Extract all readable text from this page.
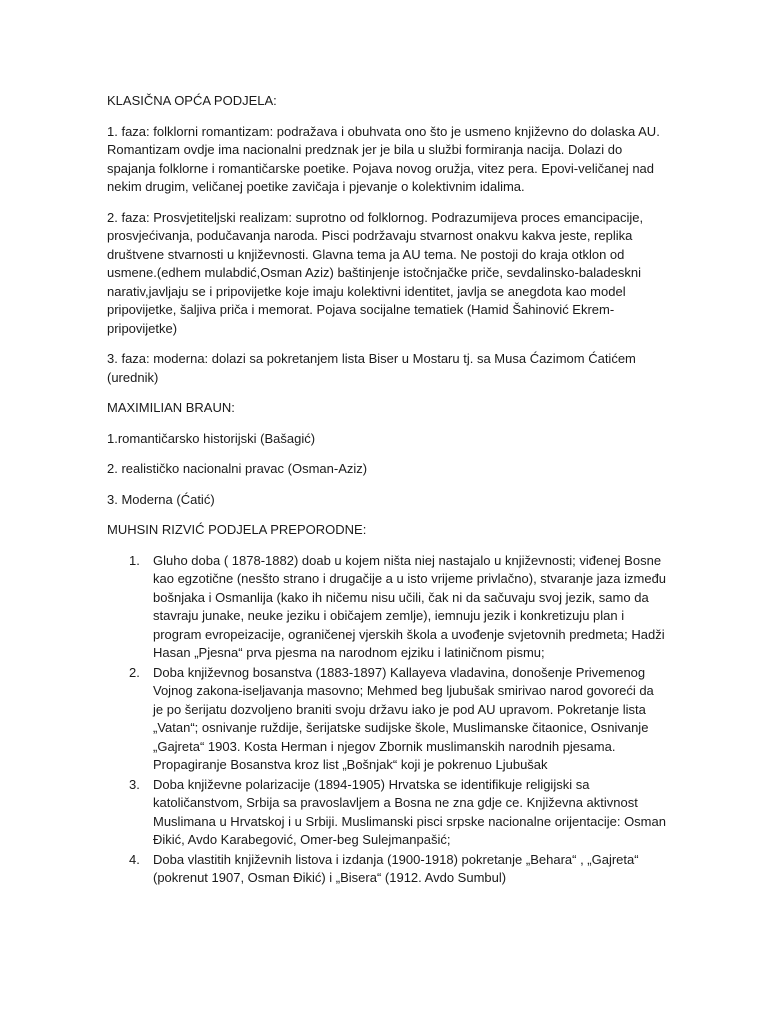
KLASIČNA OPĆA PODJELA:

1. faza: folklorni romantizam: podražava i obuhvata ono što je usmeno književno do dolaska AU. Romantizam ovdje ima nacionalni predznak jer je bila u službi formiranja nacija. Dolazi do spajanja folklorne i romantičarske poetike. Pojava novog oružja, vitez pera. Epovi-veličanej nad nekim drugim, veličanej poetike zavičaja i pjevanje o kolektivnim idalima.

2. faza: Prosvjetiteljski realizam: suprotno od folklornog. Podrazumijeva proces emancipacije, prosvjećivanja, podučavanja naroda. Pisci podržavaju stvarnost onakvu kakva jeste, replika društvene stvarnosti u književnosti. Glavna tema ja AU tema. Ne postoji do kraja otklon od usmene.(edhem mulabdić,Osman Aziz) baštinjenje istočnjačke priče, sevdalinsko-baladeskni narativ,javljaju se i pripovijetke koje imaju kolektivni identitet, javlja se anegdota kao model pripovijetke, šaljiva priča i memorat. Pojava socijalne tematiek (Hamid Šahinović Ekrem-pripovijetke)

3. faza: moderna: dolazi sa pokretanjem lista Biser u Mostaru tj. sa Musa Ćazimom Ćatićem (urednik)

MAXIMILIAN BRAUN:

1.romantičarsko historijski (Bašagić)

2. realističko nacionalni pravac (Osman-Aziz)

3. Moderna (Ćatić)

MUHSIN RIZVIĆ PODJELA PREPORODNE:

1. Gluho doba ( 1878-1882) doab u kojem ništa niej nastajalo u književnosti; viđenej Bosne kao egzotične (nesšto strano i drugačije a u isto vrijeme privlačno), stvaranje jaza između bošnjaka i Osmanlija (kako ih ničemu nisu učili, čak ni da sačuvaju svoj jezik, samo da stavraju junake, neuke jeziku i običajem zemlje), iemnuju jezik i konkretizuju plan i program evropeizacije, ograničenej vjerskih škola a uvođenje svjetovnih predmeta; Hadži Hasan „Pjesna“ prva pjesma na narodnom ejziku i latiničnom pismu;
2. Doba književnog bosanstva (1883-1897) Kallayeva vladavina, donošenje Privemenog Vojnog zakona-iseljavanja masovno; Mehmed beg ljubušak smirivao narod govoreći da je po šerijatu dozvoljeno braniti svoju državu iako je pod AU upravom. Pokretanje lista „Vatan“; osnivanje ruždije, šerijatske sudijske škole, Muslimanske čitaonice, Osnivanje „Gajreta“ 1903. Kosta Herman i njegov Zbornik muslimanskih narodnih pjesama. Propagiranje Bosanstva kroz list „Bošnjak“ koji je pokrenuo Ljubušak
3. Doba književne polarizacije (1894-1905) Hrvatska se identifikuje religijski sa katoličanstvom, Srbija sa pravoslavljem a Bosna ne zna gdje ce. Književna aktivnost Muslimana u Hrvatskoj i u Srbiji. Muslimanski pisci srpske nacionalne orijentacije: Osman Đikić, Avdo Karabegović, Omer-beg Sulejmanpašić;
4. Doba vlastitih književnih listova i izdanja (1900-1918) pokretanje „Behara“ , „Gajreta“ (pokrenut 1907, Osman Đikić) i „Bisera“ (1912. Avdo Sumbul)
